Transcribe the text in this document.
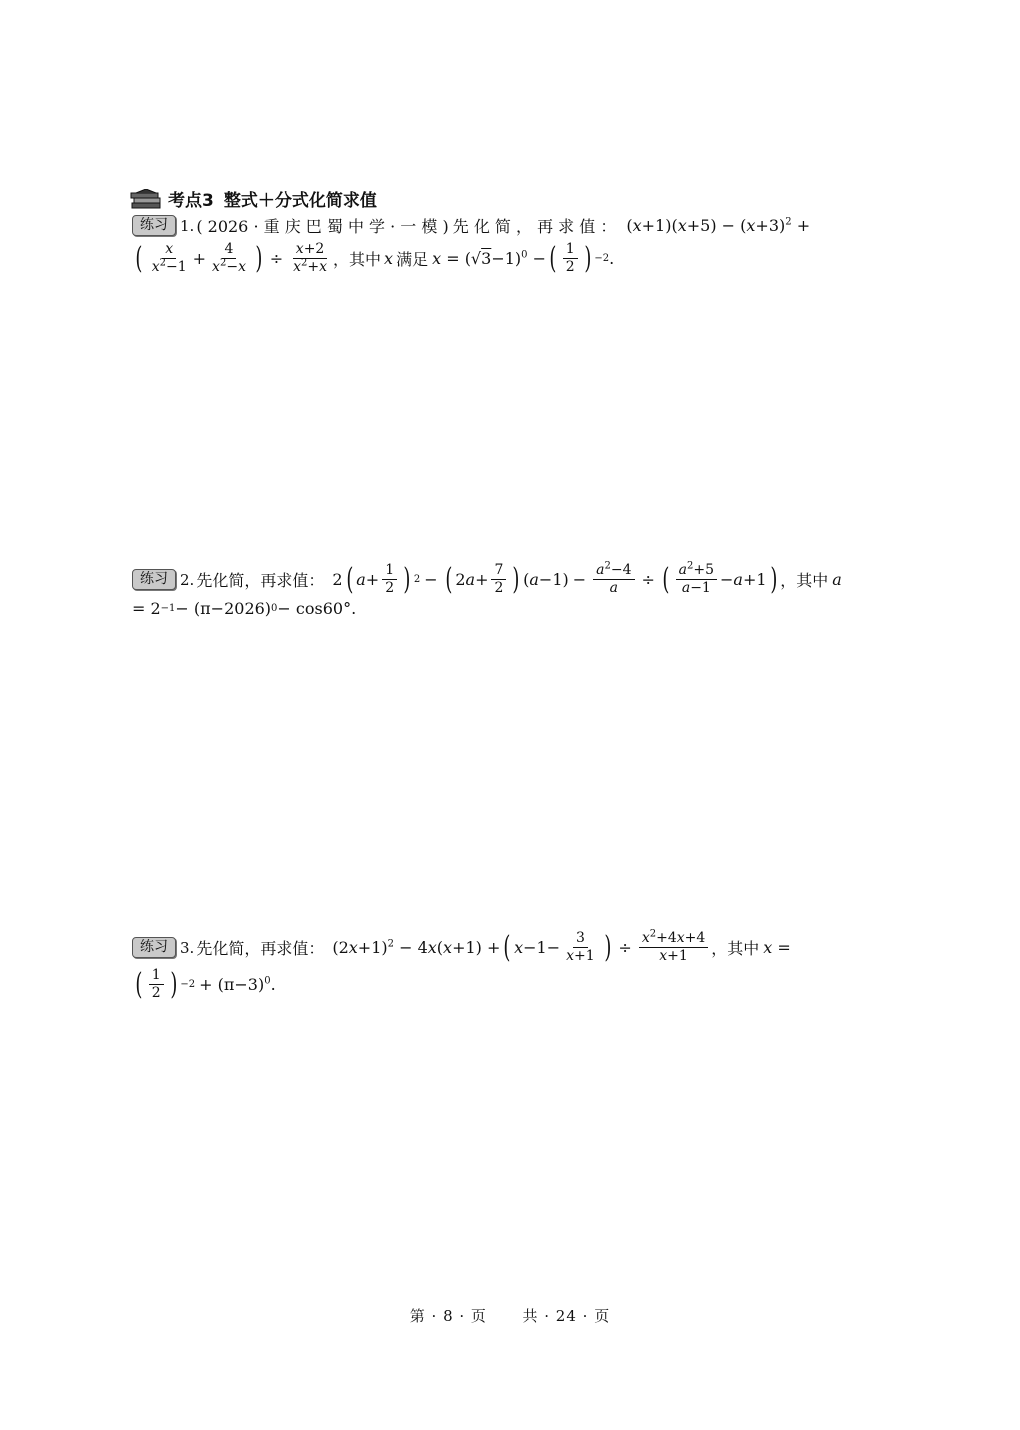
考点3 整式＋分式化简求值
练习 1. ( 2026 · 重 庆 巴 蜀 中 学 · 一 模 ) 先 化 简 ， 再 求 值 ： $(x+1)(x+5) - (x+3)^2$ +
( $\frac{x}{x^2-1} + \frac{4}{x^2-x}$ ) ÷ $\frac{x+2}{x^2+x}$ ，其中 x 满足 $x = (√3-1)^0$ − ( $\frac{1}{2}$ ) −2 .
练习 2. 先化简，再求值： 2 ( $a + \frac{1}{2}$ ) 2 − ( 2 $a + \frac{7}{2}$ ) ( $a -1) - \frac{a^2-4}{a}$ ÷ ( $\frac{a^2+5}{a-1} - a +1$ ) ，其中 a
= 2 −1 − (π−2026) 0 − cos60°.
练习 3. 先化简，再求值： $(2x+1)^2 - 4x(x+1)$ + ( $x -1- \frac{3}{x+1}$ ) ÷ $\frac{x^2+4x+4}{x+1}$ ，其中 x =
( $\frac{1}{2}$ ) $-2 + (\pi-3)^0$.
第 · 8 · 页 共 · 24 · 页
